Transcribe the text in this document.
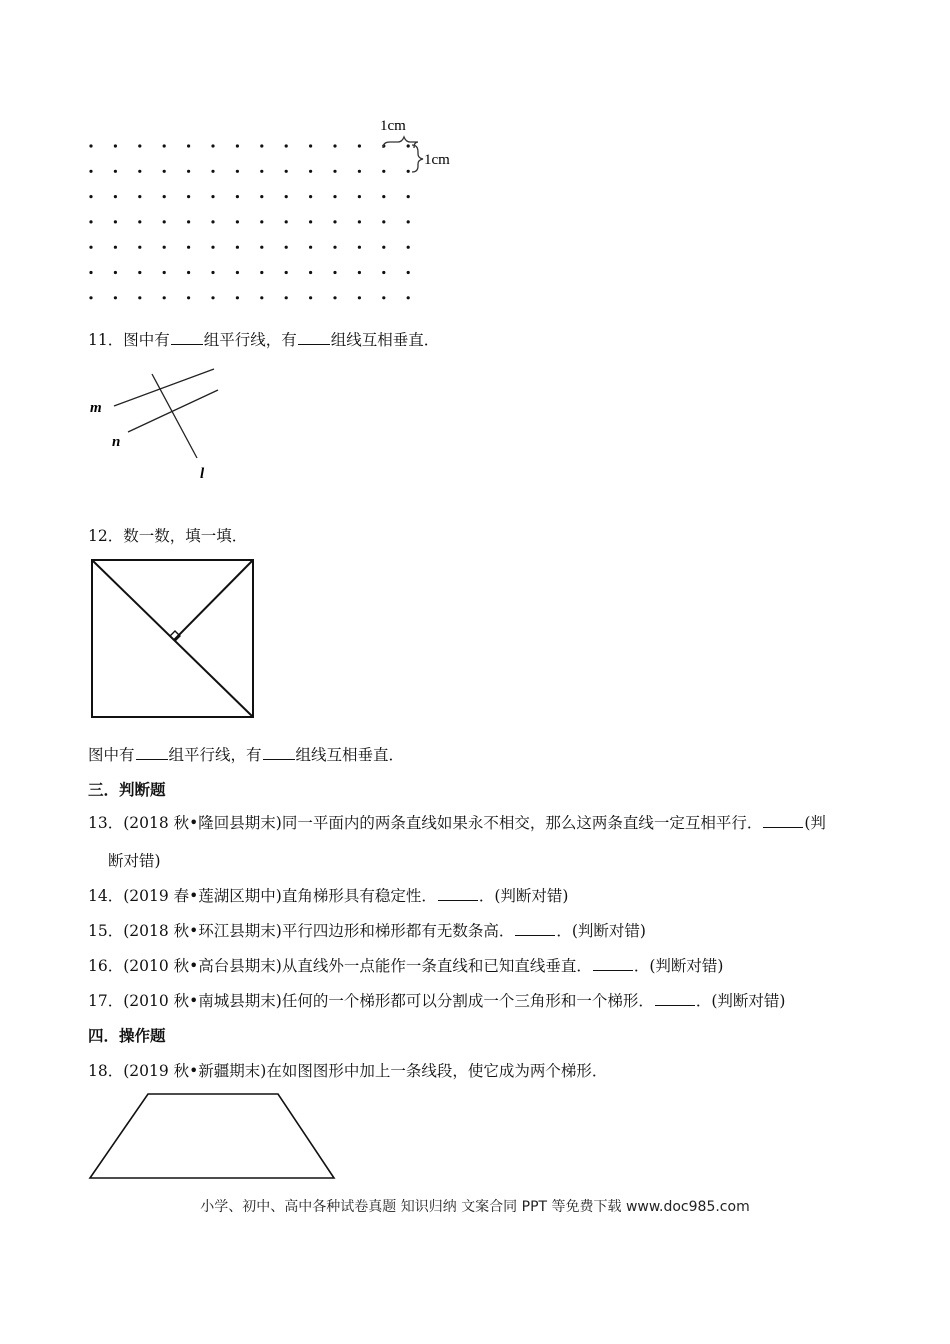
1cm
1cm
11．图中有 组平行线，有 组线互相垂直．
m
n
l
12．数一数，填一填．
图中有 组平行线，有 组线互相垂直．
三．判断题
13．(2018 秋•隆回县期末)同一平面内的两条直线如果永不相交，那么这两条直线一定互相平行．	(判
断对错)
14．(2019 春•莲湖区期中)直角梯形具有稳定性．	．(判断对错)
15．(2018 秋•环江县期末)平行四边形和梯形都有无数条高．	．(判断对错)
16．(2010 秋•高台县期末)从直线外一点能作一条直线和已知直线垂直．	．(判断对错)
17．(2010 秋•南城县期末)任何的一个梯形都可以分割成一个三角形和一个梯形．	．(判断对错)
四．操作题
18．(2019 秋•新疆期末)在如图图形中加上一条线段，使它成为两个梯形．
小学、初中、高中各种试卷真题 知识归纳 文案合同 PPT 等免费下载 www.doc985.com
